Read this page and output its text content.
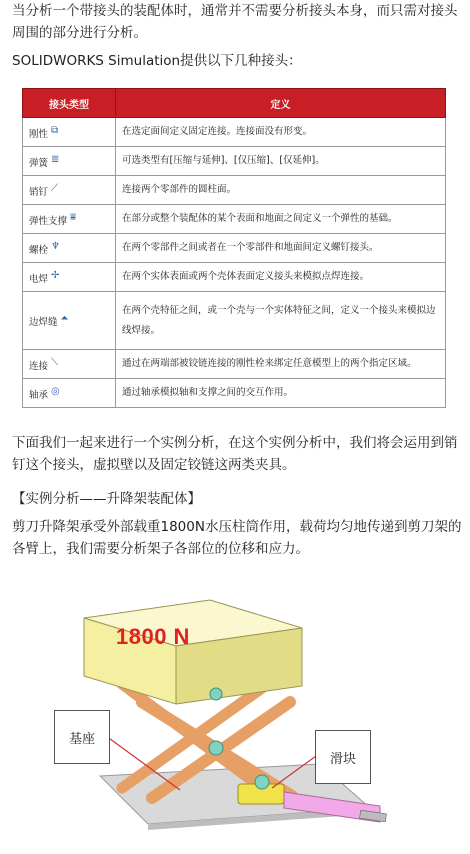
当分析一个带接头的装配体时，通常并不需要分析接头本身，而只需对接头周围的部分进行分析。

SOLIDWORKS Simulation提供以下几种接头：

接头类型	定义
刚性 ⧉	在选定面间定义固定连接。连接面没有形变。
弹簧 ≣	可选类型有[压缩与延伸]、[仅压缩]、[仅延伸]。
销钉 ⟋	连接两个零部件的圆柱面。
弹性支撑 ⩸	在部分或整个装配体的某个表面和地面之间定义一个弹性的基础。
螺栓 ♆	在两个零部件之间或者在一个零部件和地面间定义螺钉接头。
电焊 ✢	在两个实体表面或两个壳体表面定义接头来模拟点焊连接。
边焊缝 ⏶	在两个壳特征之间，或一个壳与一个实体特征之间，定义一个接头来模拟边线焊接。
连接 ⟍	通过在两端部被铰链连接的刚性栓来绑定任意模型上的两个指定区域。
轴承 ◎	通过轴承模拟轴和支撑之间的交互作用。

下面我们一起来进行一个实例分析，在这个实例分析中，我们将会运用到销钉这个接头，虚拟壁以及固定铰链这两类夹具。

【实例分析——升降架装配体】

剪刀升降架承受外部载重1800N水压柱筒作用，载荷均匀地传递到剪刀架的各臂上，我们需要分析架子各部位的位移和应力。

1800 N
基座
滑块
